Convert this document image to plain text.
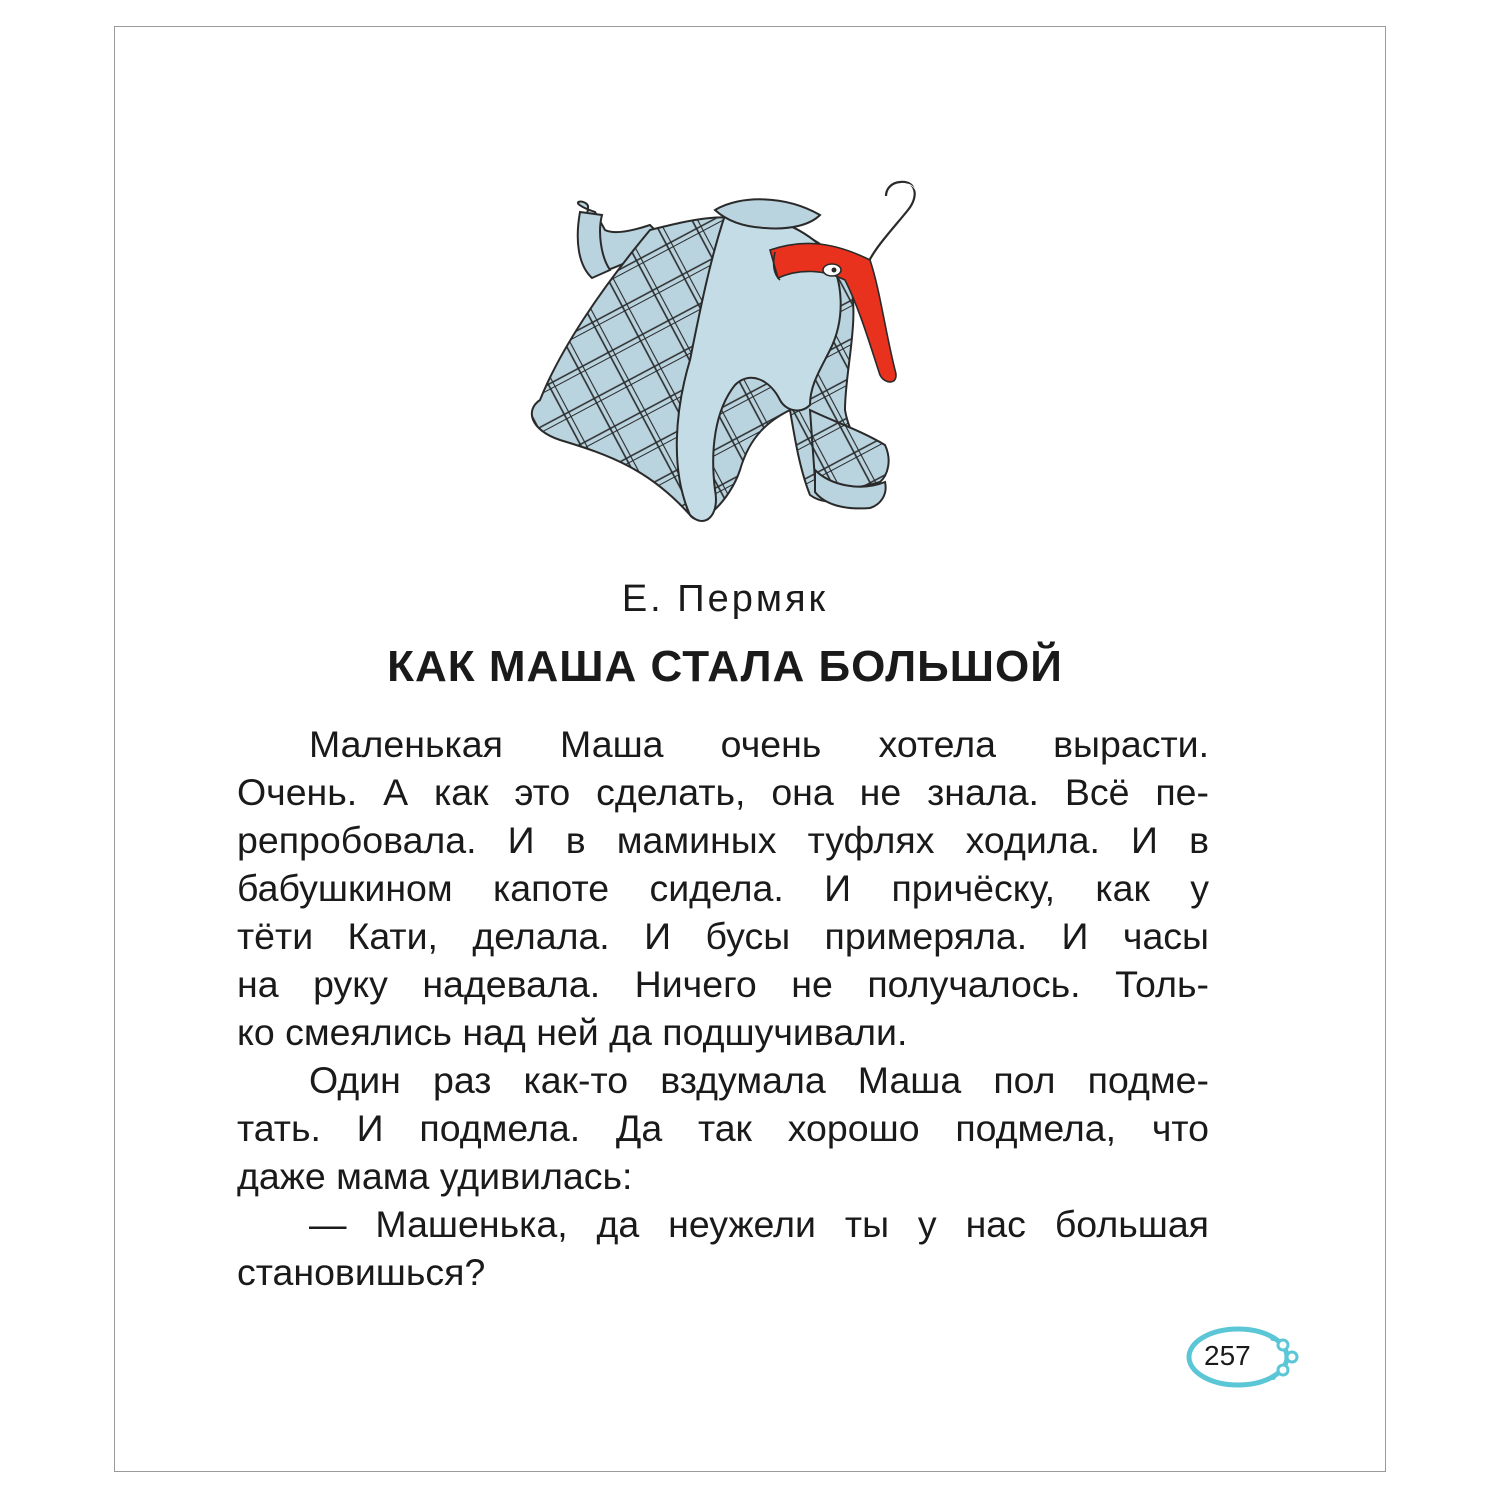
Е. Пермяк
КАК МАША СТАЛА БОЛЬШОЙ
Маленькая Маша очень хотела вырасти.
Очень. А как это сделать, она не знала. Всё пе-
репробовала. И в маминых туфлях ходила. И в
бабушкином капоте сидела. И причёску, как у
тёти Кати, делала. И бусы примеряла. И часы
на руку надевала. Ничего не получалось. Толь-
ко смеялись над ней да подшучивали.
Один раз как-то вздумала Маша пол подме-
тать. И подмела. Да так хорошо подмела, что
даже мама удивилась:
— Машенька, да неужели ты у нас большая
становишься?
257
